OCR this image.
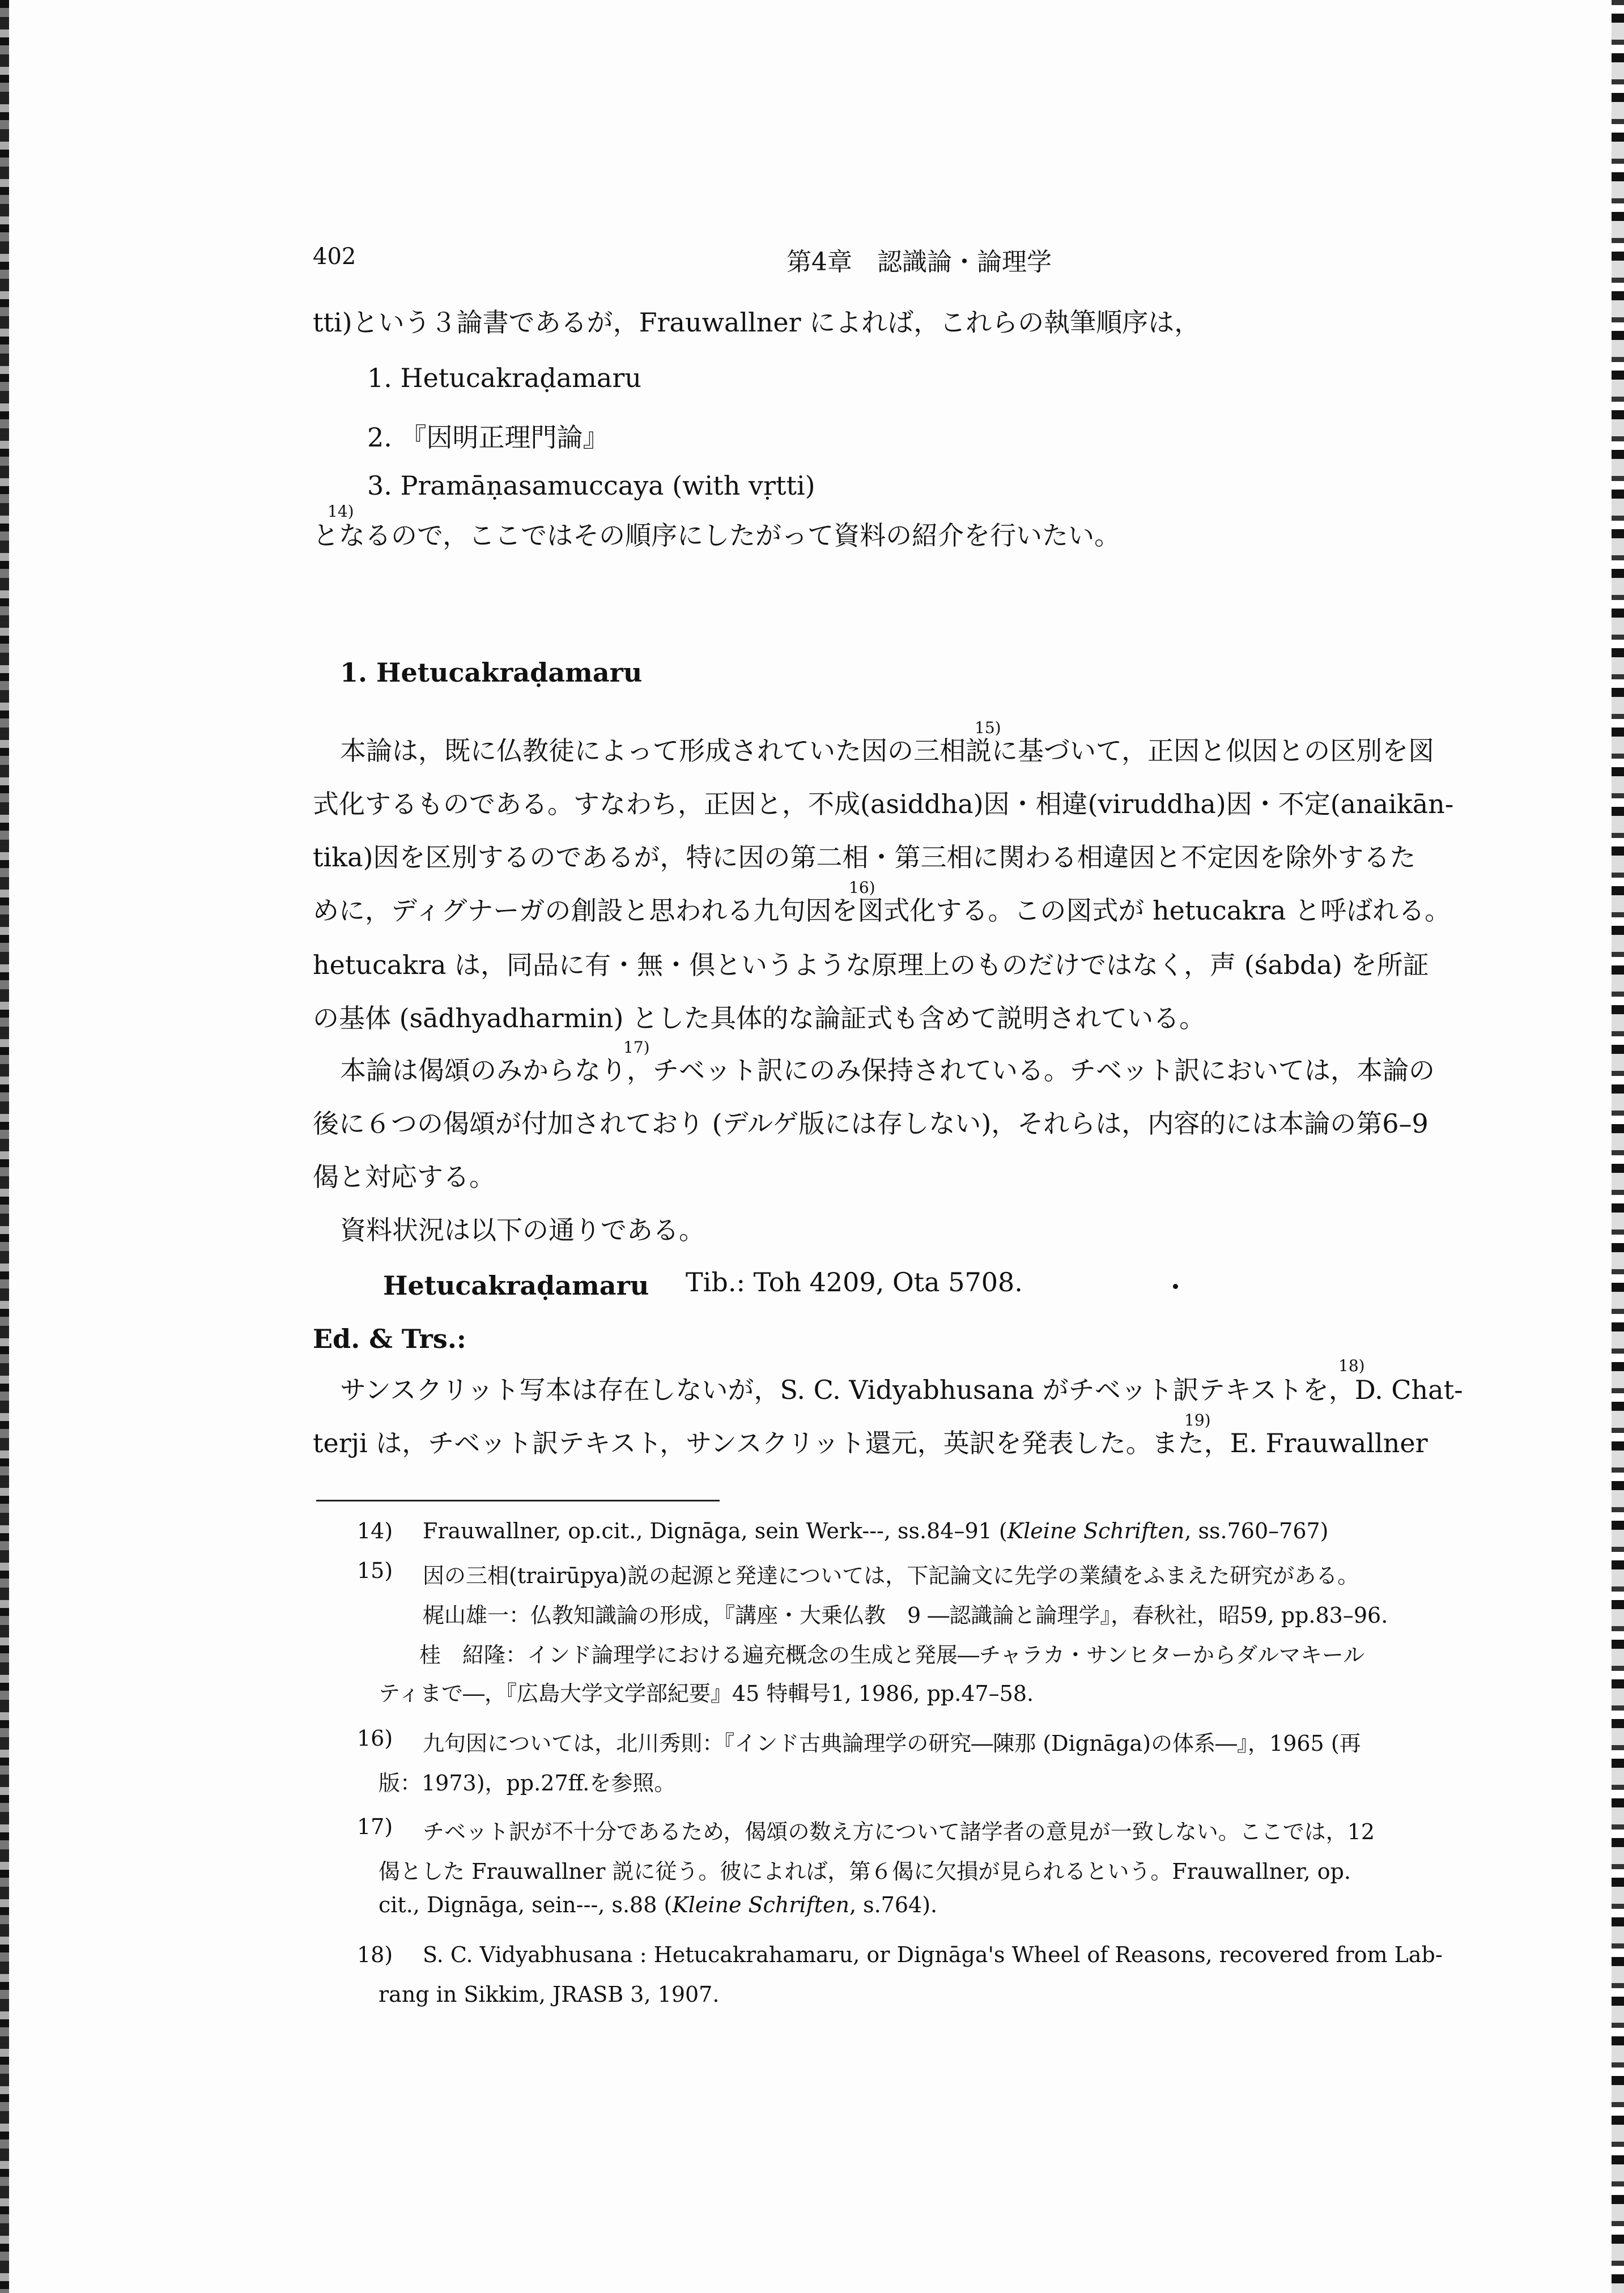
402	第4章　認識論・論理学
tti)という３論書であるが，Frauwallner によれば，これらの執筆順序は，
1. Hetucakraḍamaru
2. 『因明正理門論』
3. Pramāṇasamuccaya (with vṛtti)
14)
となるので，ここではその順序にしたがって資料の紹介を行いたい。
1. Hetucakraḍamaru
15)
本論は，既に仏教徒によって形成されていた因の三相説に基づいて，正因と似因との区別を図
式化するものである。すなわち，正因と，不成(asiddha)因・相違(viruddha)因・不定(anaikān-
tika)因を区別するのであるが，特に因の第二相・第三相に関わる相違因と不定因を除外するた
16)
めに，ディグナーガの創設と思われる九句因を図式化する。この図式が hetucakra と呼ばれる。
hetucakra は，同品に有・無・倶というような原理上のものだけではなく，声 (śabda) を所証
の基体 (sādhyadharmin) とした具体的な論証式も含めて説明されている。
17)
本論は偈頌のみからなり，チベット訳にのみ保持されている。チベット訳においては，本論の
後に６つの偈頌が付加されており (デルゲ版には存しない)，それらは，内容的には本論の第6–9
偈と対応する。
資料状況は以下の通りである。
Hetucakraḍamaru Tib.: Toh 4209, Ota 5708.
Ed. & Trs.:
18)
サンスクリット写本は存在しないが，S. C. Vidyabhusana がチベット訳テキストを，D. Chat-
19)
terji は，チベット訳テキスト，サンスクリット還元，英訳を発表した。また，E. Frauwallner
14) Frauwallner, op.cit., Dignāga, sein Werk---, ss.84–91 (Kleine Schriften, ss.760–767)
15) 因の三相(trairūpya)説の起源と発達については，下記論文に先学の業績をふまえた研究がある。
梶山雄一：仏教知識論の形成，『講座・大乗仏教　9 ―認識論と論理学』，春秋社，昭59, pp.83–96.
桂　紹隆：インド論理学における遍充概念の生成と発展―チャラカ・サンヒターからダルマキール
ティまで―，『広島大学文学部紀要』45 特輯号1, 1986, pp.47–58.
16) 九句因については，北川秀則：『インド古典論理学の研究―陳那 (Dignāga)の体系―』，1965 (再
版：1973)，pp.27ff.を参照。
17) チベット訳が不十分であるため，偈頌の数え方について諸学者の意見が一致しない。ここでは，12
偈とした Frauwallner 説に従う。彼によれば，第６偈に欠損が見られるという。Frauwallner, op.
cit., Dignāga, sein---, s.88 (Kleine Schriften, s.764).
18) S. C. Vidyabhusana : Hetucakrahamaru, or Dignāga's Wheel of Reasons, recovered from Lab-
rang in Sikkim, JRASB 3, 1907.
